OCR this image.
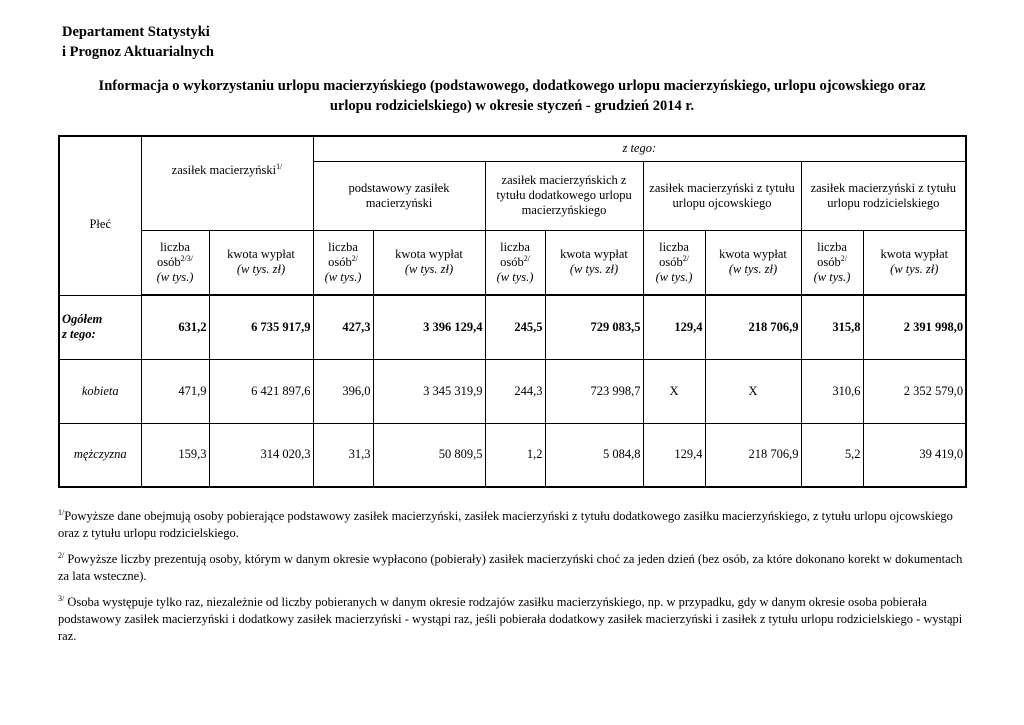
Departament Statystyki
i Prognoz Aktuarialnych
Informacja o wykorzystaniu urlopu macierzyńskiego (podstawowego, dodatkowego urlopu macierzyńskiego, urlopu ojcowskiego oraz
urlopu rodzicielskiego) w okresie styczeń - grudzień 2014 r.
Płeć	zasiłek macierzyński$^{1/}$		z tego:							
			podstawowy zasiłek macierzyński		zasiłek macierzyńskich z tytułu dodatkowego urlopu macierzyńskiego		zasiłek macierzyński z tytułu urlopu ojcowskiego		zasiłek macierzyński z tytułu urlopu rodzicielskiego	
	liczba
osób$^{2/3/}$
(w tys.)	kwota wypłat
(w tys. zł)	liczba
osób$^{2/}$
(w tys.)	kwota wypłat
(w tys. zł)	liczba
osób$^{2/}$
(w tys.)	kwota wypłat
(w tys. zł)	liczba
osób$^{2/}$
(w tys.)	kwota wypłat
(w tys. zł)	liczba
osób$^{2/}$
(w tys.)	kwota wypłat
(w tys. zł)
Ogółem
z tego:	631,2	6 735 917,9	427,3	3 396 129,4	245,5	729 083,5	129,4	218 706,9	315,8	2 391 998,0
kobieta	471,9	6 421 897,6	396,0	3 345 319,9	244,3	723 998,7	X	X	310,6	2 352 579,0
mężczyzna	159,3	314 020,3	31,3	50 809,5	1,2	5 084,8	129,4	218 706,9	5,2	39 419,0

$^{1/}$Powyższe dane obejmują osoby pobierające podstawowy zasiłek macierzyński, zasiłek macierzyński z tytułu dodatkowego zasiłku macierzyńskiego, z tytułu urlopu ojcowskiego oraz z tytułu urlopu rodzicielskiego.

$^{2/}$ Powyższe liczby prezentują osoby, którym w danym okresie wypłacono (pobierały) zasiłek macierzyński choć za jeden dzień (bez osób, za które dokonano korekt w dokumentach za lata wsteczne).

$^{3/}$ Osoba występuje tylko raz, niezależnie od liczby pobieranych w danym okresie rodzajów zasiłku macierzyńskiego, np. w przypadku, gdy w danym okresie osoba pobierała podstawowy zasiłek macierzyński i dodatkowy zasiłek macierzyński - wystąpi raz, jeśli pobierała dodatkowy zasiłek macierzyński i zasiłek z tytułu urlopu rodzicielskiego - wystąpi raz.
